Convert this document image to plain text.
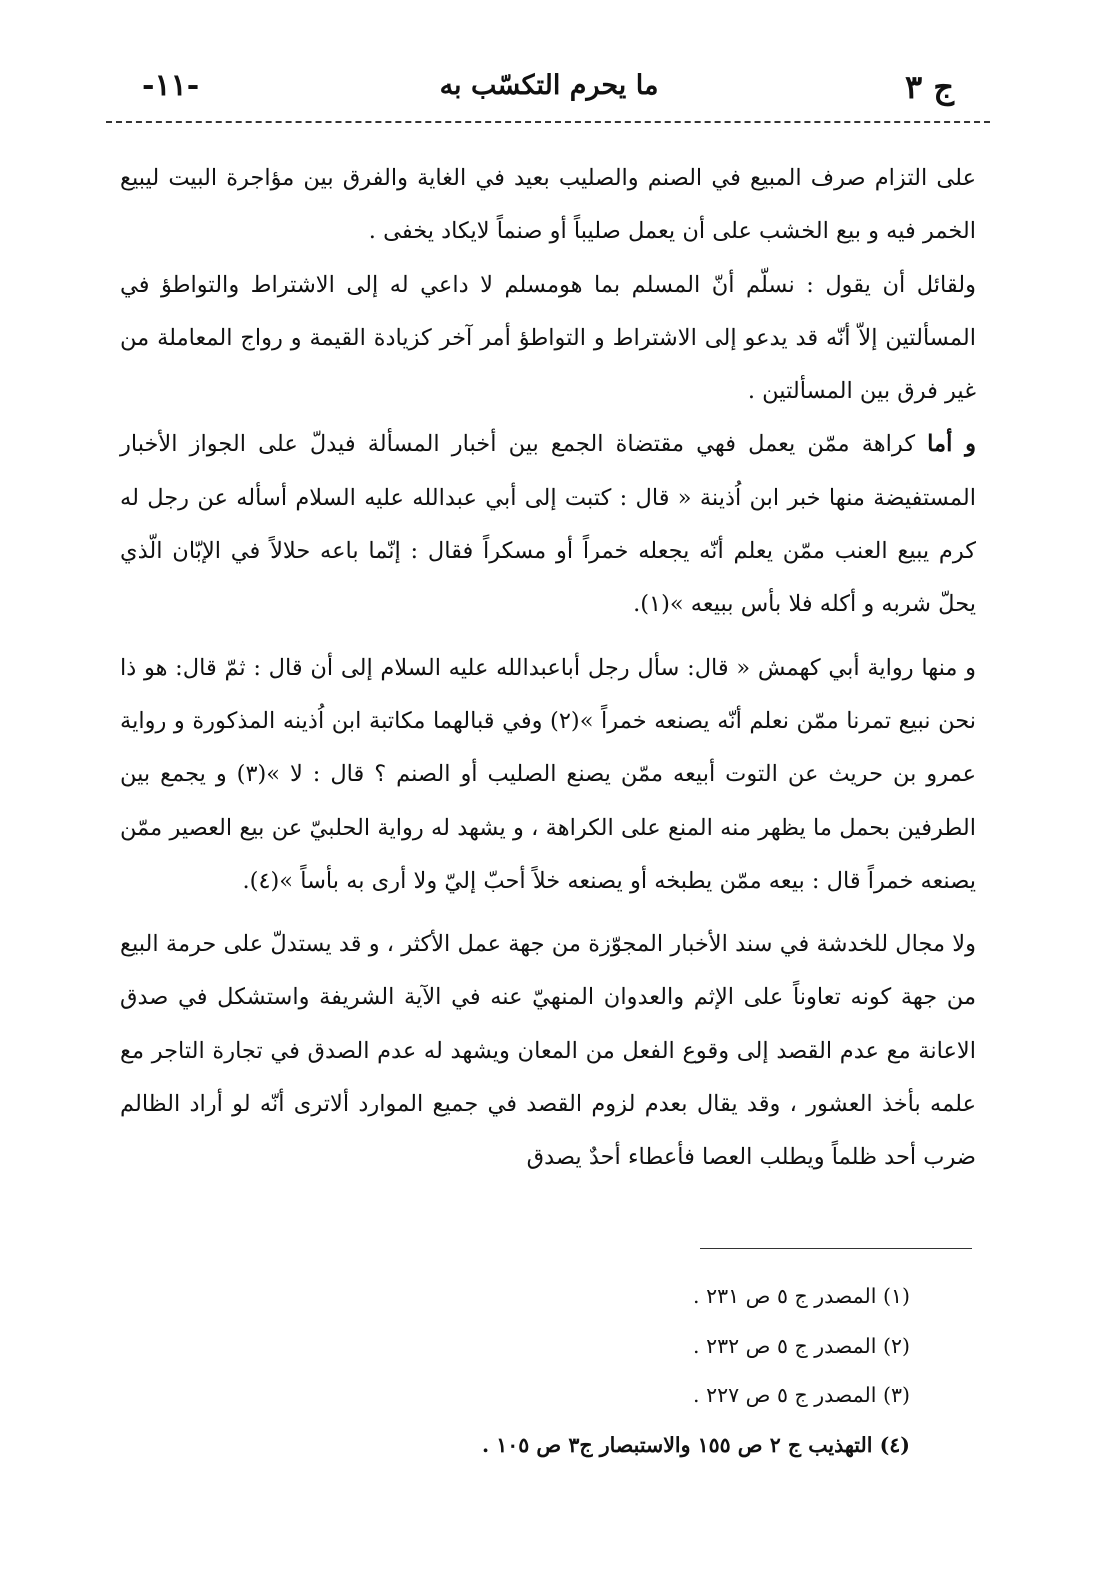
ج ٣
ما يحرم التكسّب به
-١١-

على التزام صرف المبيع في الصنم والصليب بعيد في الغاية والفرق بين مؤاجرة البيت ليبيع الخمر فيه و بيع الخشب على أن يعمل صليباً أو صنماً لايكاد يخفى .

ولقائل أن يقول : نسلّم أنّ المسلم بما هومسلم لا داعي له إلى الاشتراط والتواطؤ في المسألتين إلاّ أنّه قد يدعو إلى الاشتراط و التواطؤ أمر آخر كزيادة القيمة و رواج المعاملة من غير فرق بين المسألتين .

و أما كراهة ممّن يعمل فهي مقتضاة الجمع بين أخبار المسألة فيدلّ على الجواز الأخبار المستفيضة منها خبر ابن اُذينة « قال : كتبت إلى أبي عبدالله عليه السلام أسأله عن رجل له كرم يبيع العنب ممّن يعلم أنّه يجعله خمراً أو مسكراً فقال : إنّما باعه حلالاً في الإبّان الّذي يحلّ شربه و أكله فلا بأس ببيعه »(١).

و منها رواية أبي كهمش « قال: سأل رجل أباعبدالله عليه السلام إلى أن قال : ثمّ قال: هو ذا نحن نبيع تمرنا ممّن نعلم أنّه يصنعه خمراً »(٢) وفي قبالهما مكاتبة ابن اُذينه المذكورة و رواية عمرو بن حريث عن التوت أبيعه ممّن يصنع الصليب أو الصنم ؟ قال : لا »(٣) و يجمع بين الطرفين بحمل ما يظهر منه المنع على الكراهة ، و يشهد له رواية الحلبيّ عن بيع العصير ممّن يصنعه خمراً قال : بيعه ممّن يطبخه أو يصنعه خلاً أحبّ إليّ ولا أرى به بأساً »(٤).

ولا مجال للخدشة في سند الأخبار المجوّزة من جهة عمل الأكثر ، و قد يستدلّ على حرمة البيع من جهة كونه تعاوناً على الإثم والعدوان المنهيّ عنه في الآية الشريفة واستشكل في صدق الاعانة مع عدم القصد إلى وقوع الفعل من المعان ويشهد له عدم الصدق في تجارة التاجر مع علمه بأخذ العشور ، وقد يقال بعدم لزوم القصد في جميع الموارد ألاترى أنّه لو أراد الظالم ضرب أحد ظلماً ويطلب العصا فأعطاء أحدٌ يصدق

(١) المصدر ج ٥ ص ٢٣١ .
(٢) المصدر ج ٥ ص ٢٣٢ .
(٣) المصدر ج ٥ ص ٢٢٧ .
(٤) التهذيب ج ٢ ص ١٥٥ والاستبصار ج٣ ص ١٠٥ .
